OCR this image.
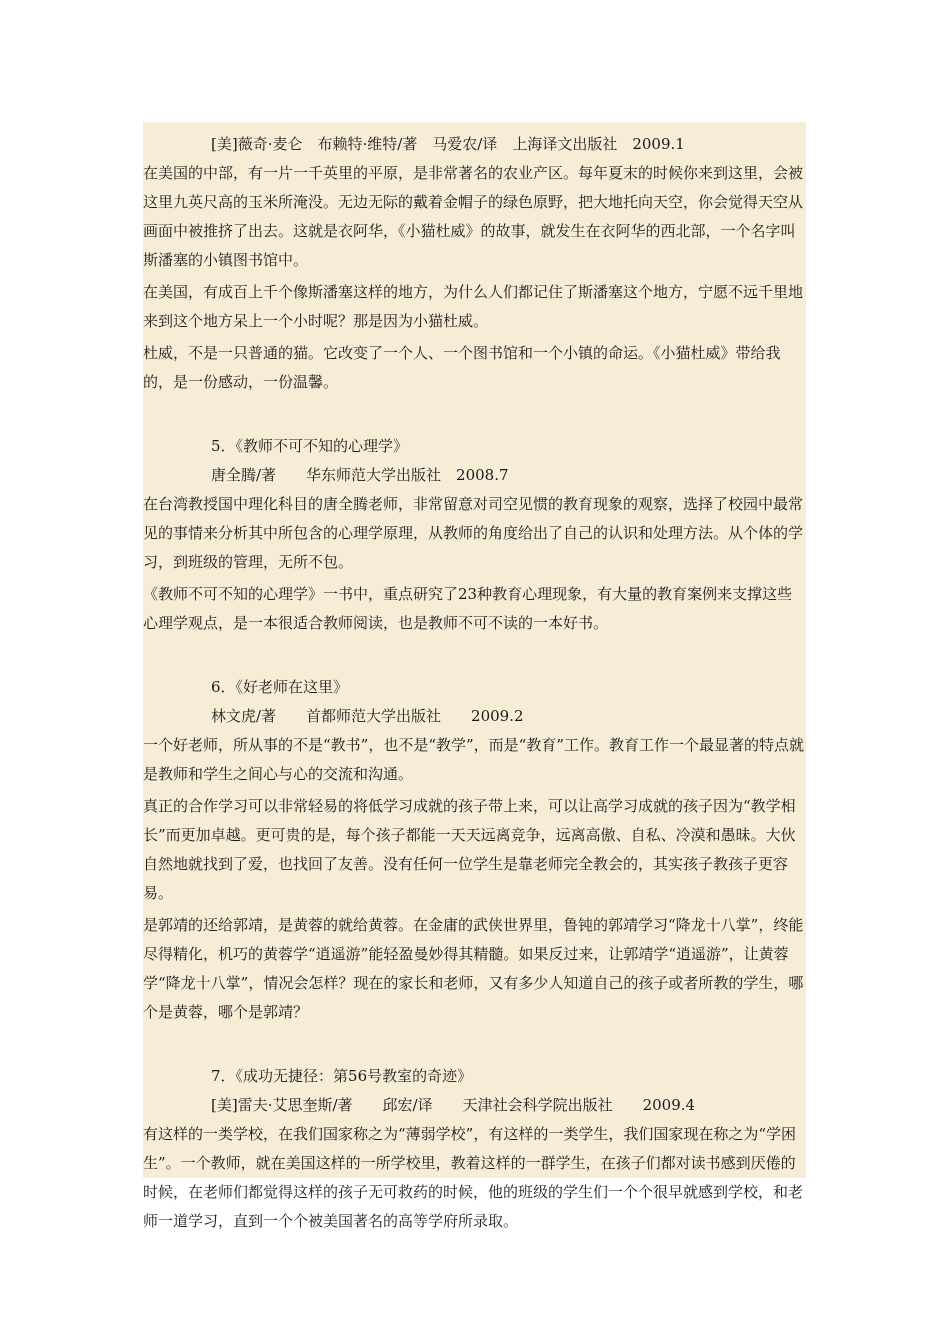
[美]薇奇·麦仑　布赖特·维特/著　马爱农/译　上海译文出版社　2009.1

在美国的中部，有一片一千英里的平原，是非常著名的农业产区。每年夏末的时候你来到这里，会被这里九英尺高的玉米所淹没。无边无际的戴着金帽子的绿色原野，把大地托向天空，你会觉得天空从画面中被推挤了出去。这就是衣阿华，《小猫杜威》的故事，就发生在衣阿华的西北部，一个名字叫斯潘塞的小镇图书馆中。

在美国，有成百上千个像斯潘塞这样的地方，为什么人们都记住了斯潘塞这个地方，宁愿不远千里地来到这个地方呆上一个小时呢？那是因为小猫杜威。

杜威，不是一只普通的猫。它改变了一个人、一个图书馆和一个小镇的命运。《小猫杜威》带给我的，是一份感动，一份温馨。

5．《教师不可不知的心理学》
唐全腾/著　　华东师范大学出版社　2008.7

在台湾教授国中理化科目的唐全腾老师，非常留意对司空见惯的教育现象的观察，选择了校园中最常见的事情来分析其中所包含的心理学原理，从教师的角度给出了自己的认识和处理方法。从个体的学习，到班级的管理，无所不包。

《教师不可不知的心理学》一书中，重点研究了23种教育心理现象，有大量的教育案例来支撑这些心理学观点，是一本很适合教师阅读，也是教师不可不读的一本好书。

6．《好老师在这里》
林文虎/著　　首都师范大学出版社　　2009.2

一个好老师，所从事的不是“教书”，也不是“教学”，而是“教育”工作。教育工作一个最显著的特点就是教师和学生之间心与心的交流和沟通。

真正的合作学习可以非常轻易的将低学习成就的孩子带上来，可以让高学习成就的孩子因为“教学相长”而更加卓越。更可贵的是，每个孩子都能一天天远离竞争，远离高傲、自私、冷漠和愚昧。大伙自然地就找到了爱，也找回了友善。没有任何一位学生是靠老师完全教会的，其实孩子教孩子更容易。

是郭靖的还给郭靖，是黄蓉的就给黄蓉。在金庸的武侠世界里，鲁钝的郭靖学习“降龙十八掌”，终能尽得精化，机巧的黄蓉学“逍遥游”能轻盈曼妙得其精髓。如果反过来，让郭靖学“逍遥游”，让黄蓉学“降龙十八掌”，情况会怎样？现在的家长和老师，又有多少人知道自己的孩子或者所教的学生，哪个是黄蓉，哪个是郭靖？

7．《成功无捷径：第56号教室的奇迹》
[美]雷夫·艾思奎斯/著　　邱宏/译　　天津社会科学院出版社　　2009.4

有这样的一类学校，在我们国家称之为“薄弱学校”，有这样的一类学生，我们国家现在称之为“学困生”。一个教师，就在美国这样的一所学校里，教着这样的一群学生，在孩子们都对读书感到厌倦的时候，在老师们都觉得这样的孩子无可救药的时候，他的班级的学生们一个个很早就感到学校，和老师一道学习，直到一个个被美国著名的高等学府所录取。
